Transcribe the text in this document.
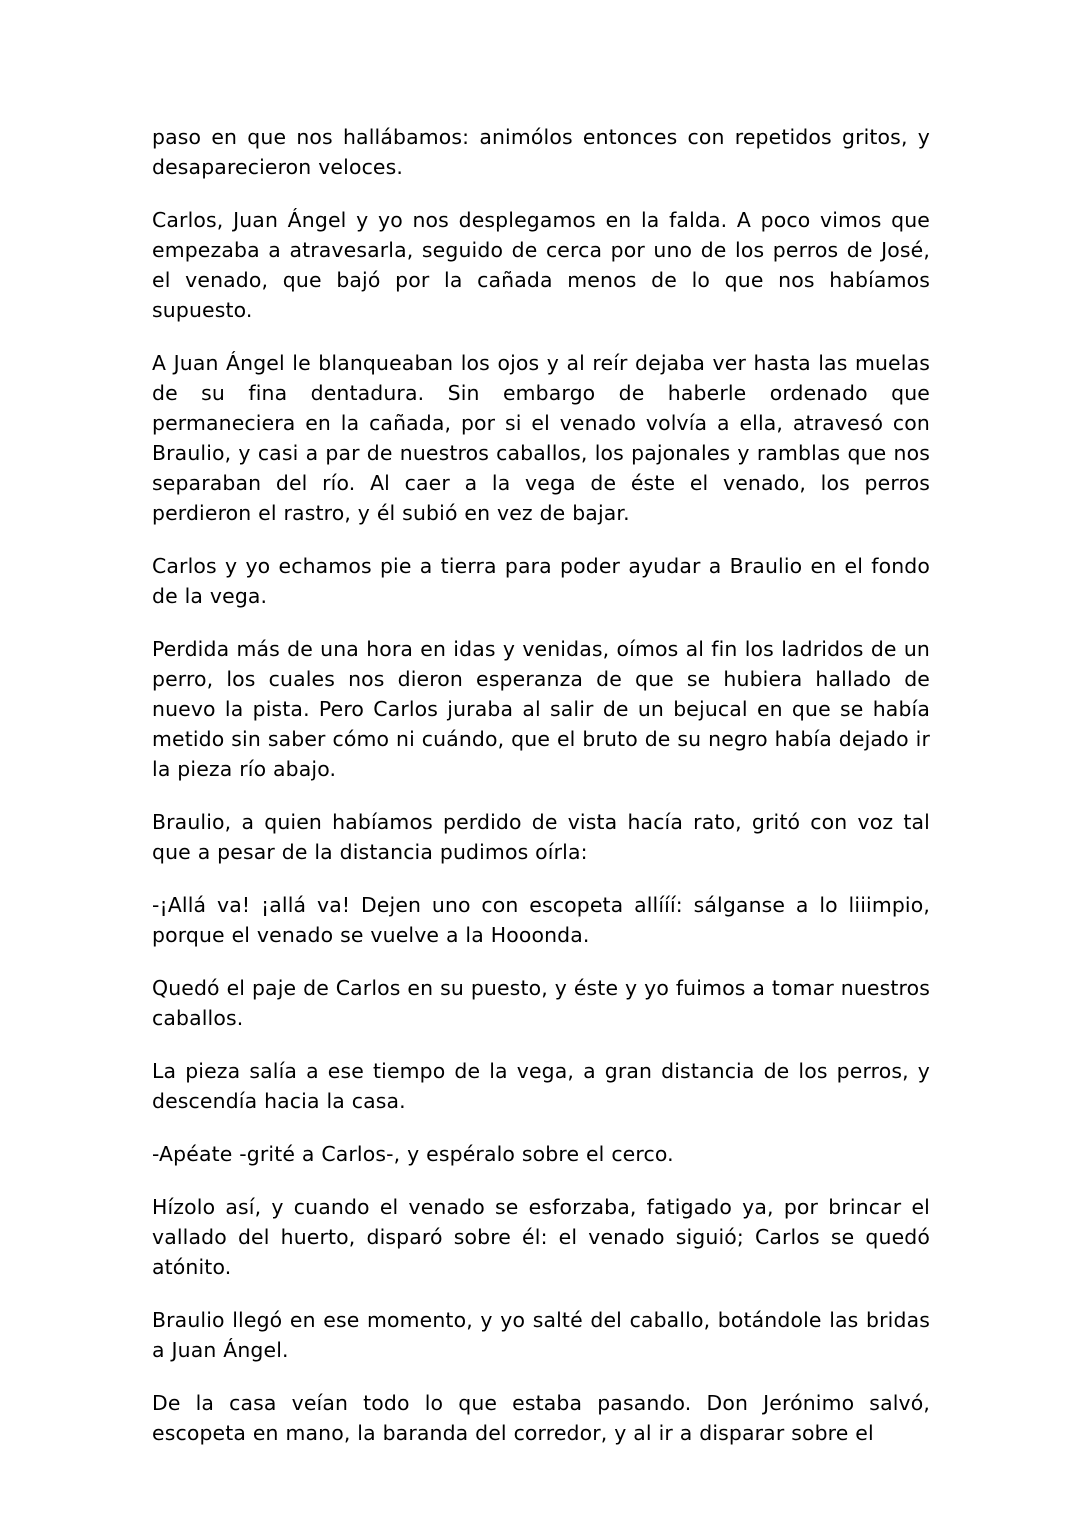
paso en que nos hallábamos: animólos entonces con repetidos gritos, y desaparecieron veloces.

Carlos, Juan Ángel y yo nos desplegamos en la falda. A poco vimos que empezaba a atravesarla, seguido de cerca por uno de los perros de José, el venado, que bajó por la cañada menos de lo que nos habíamos supuesto.

A Juan Ángel le blanqueaban los ojos y al reír dejaba ver hasta las muelas de su fina dentadura. Sin embargo de haberle ordenado que permaneciera en la cañada, por si el venado volvía a ella, atravesó con Braulio, y casi a par de nuestros caballos, los pajonales y ramblas que nos separaban del río. Al caer a la vega de éste el venado, los perros perdieron el rastro, y él subió en vez de bajar.

Carlos y yo echamos pie a tierra para poder ayudar a Braulio en el fondo de la vega.

Perdida más de una hora en idas y venidas, oímos al fin los ladridos de un perro, los cuales nos dieron esperanza de que se hubiera hallado de nuevo la pista. Pero Carlos juraba al salir de un bejucal en que se había metido sin saber cómo ni cuándo, que el bruto de su negro había dejado ir la pieza río abajo.

Braulio, a quien habíamos perdido de vista hacía rato, gritó con voz tal que a pesar de la distancia pudimos oírla:

-¡Allá va! ¡allá va! Dejen uno con escopeta allííí: sálganse a lo liiimpio, porque el venado se vuelve a la Hooonda.

Quedó el paje de Carlos en su puesto, y éste y yo fuimos a tomar nuestros caballos.

La pieza salía a ese tiempo de la vega, a gran distancia de los perros, y descendía hacia la casa.

-Apéate -grité a Carlos-, y espéralo sobre el cerco.

Hízolo así, y cuando el venado se esforzaba, fatigado ya, por brincar el vallado del huerto, disparó sobre él: el venado siguió; Carlos se quedó atónito.

Braulio llegó en ese momento, y yo salté del caballo, botándole las bridas a Juan Ángel.

De la casa veían todo lo que estaba pasando. Don Jerónimo salvó, escopeta en mano, la baranda del corredor, y al ir a disparar sobre el
